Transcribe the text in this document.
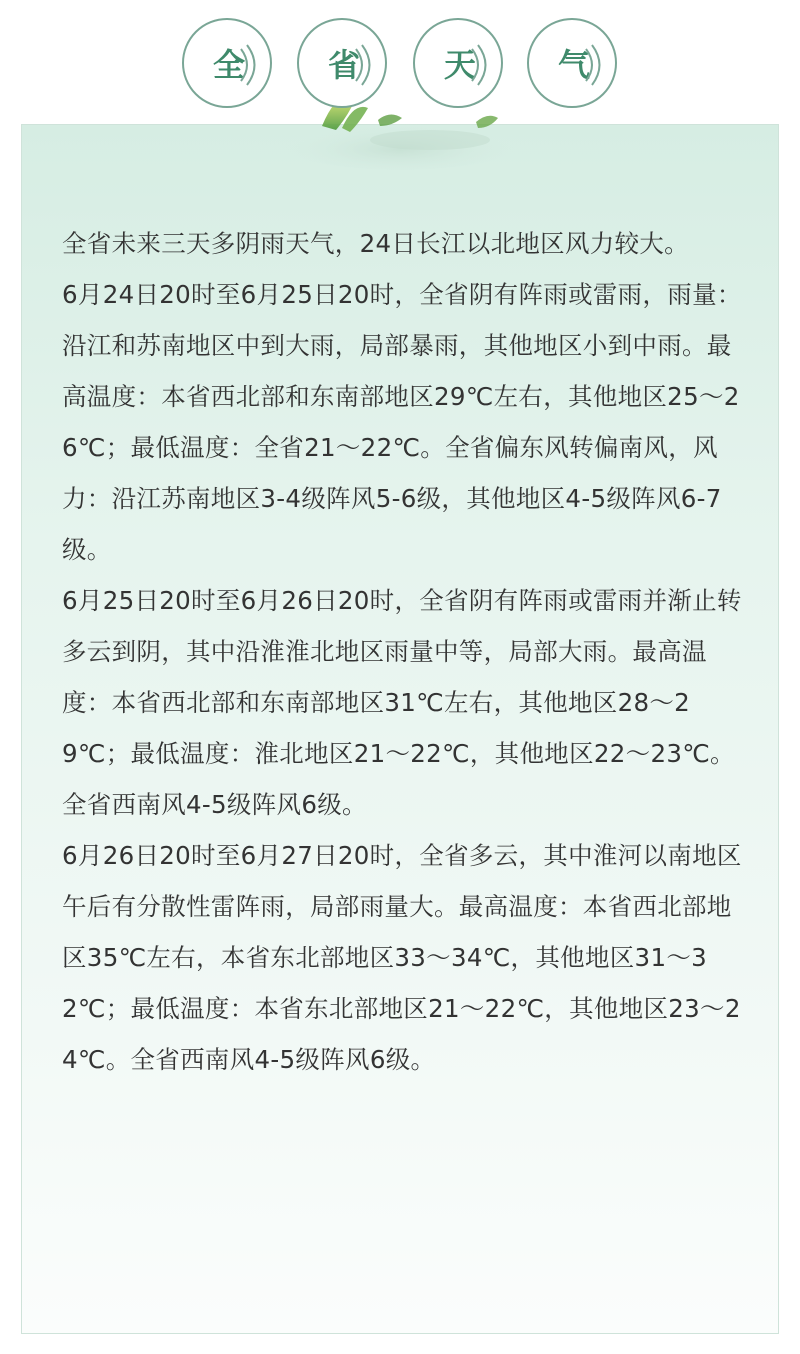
全	省	天	气

全省未来三天多阴雨天气，24日长江以北地区风力较大。

6月24日20时至6月25日20时，全省阴有阵雨或雷雨，雨量：沿江和苏南地区中到大雨，局部暴雨，其他地区小到中雨。最高温度：本省西北部和东南部地区29℃左右，其他地区25～26℃；最低温度：全省21～22℃。全省偏东风转偏南风，风力：沿江苏南地区3-4级阵风5-6级，其他地区4-5级阵风6-7级。

6月25日20时至6月26日20时，全省阴有阵雨或雷雨并渐止转多云到阴，其中沿淮淮北地区雨量中等，局部大雨。最高温度：本省西北部和东南部地区31℃左右，其他地区28～29℃；最低温度：淮北地区21～22℃，其他地区22～23℃。全省西南风4-5级阵风6级。

6月26日20时至6月27日20时，全省多云，其中淮河以南地区午后有分散性雷阵雨，局部雨量大。最高温度：本省西北部地区35℃左右，本省东北部地区33～34℃，其他地区31～32℃；最低温度：本省东北部地区21～22℃，其他地区23～24℃。全省西南风4-5级阵风6级。
